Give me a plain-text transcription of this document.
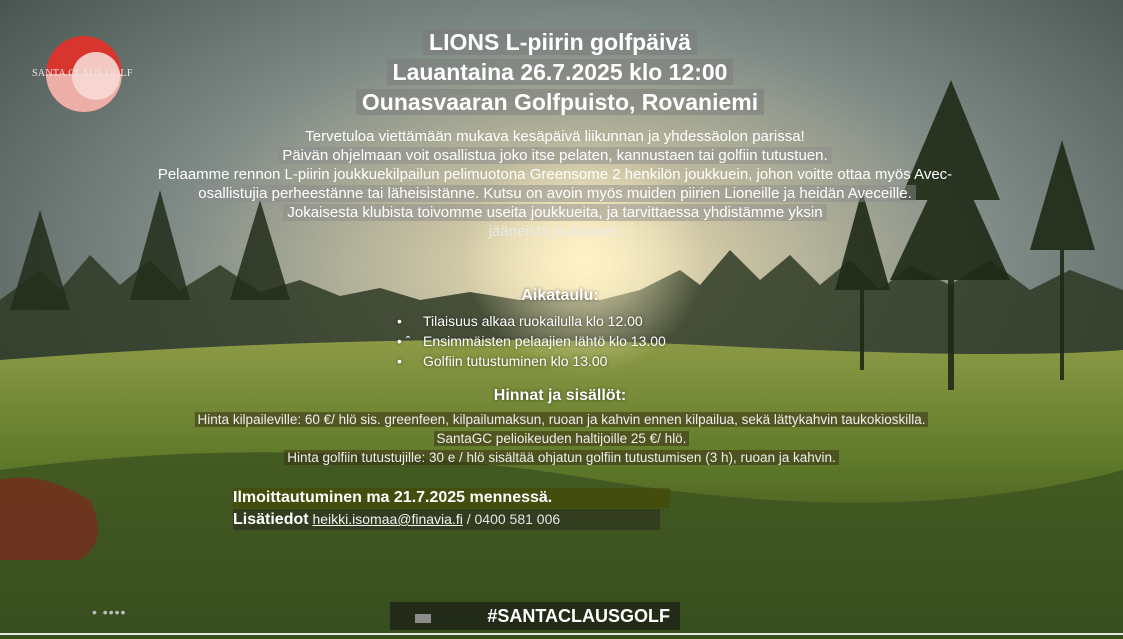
SANTA CLAUS GOLF
LIONS L-piirin golfpäivä
Lauantaina 26.7.2025 klo 12:00
Ounasvaaran Golfpuisto, Rovaniemi
Tervetuloa viettämään mukava kesäpäivä liikunnan ja yhdessäolon parissa!
Päivän ohjelmaan voit osallistua joko itse pelaten, kannustaen tai golfiin tutustuen.
Pelaamme rennon L-piirin joukkuekilpailun pelimuotona Greensome 2 henkilön joukkuein, johon voitte ottaa myös Avec-
osallistujia perheestänne tai läheisistänne. Kutsu on avoin myös muiden piirien Lioneille ja heidän Aveceille.
Jokaisesta klubista toivomme useita joukkueita, ja tarvittaessa yhdistämme yksin
jääneistä joukkueet.
Aikataulu:
• Tilaisuus alkaa ruokailulla klo 12.00
• ˆ Ensimmäisten pelaajien lähtö klo 13.00
• Golfiin tutustuminen klo 13.00
Hinnat ja sisällöt:
Hinta kilpaileville: 60 €/ hlö sis. greenfeen, kilpailumaksun, ruoan ja kahvin ennen kilpailua, sekä lättykahvin taukokioskilla.
SantaGC pelioikeuden haltijoille 25 €/ hlö.
Hinta golfiin tutustujille: 30 e / hlö sisältää ohjatun golfiin tutustumisen (3 h), ruoan ja kahvin.
Ilmoittautuminen ma 21.7.2025 mennessä.
Lisätiedot heikki.isomaa@finavia.fi / 0400 581 006
• ••••	#SANTACLAUSGOLF
